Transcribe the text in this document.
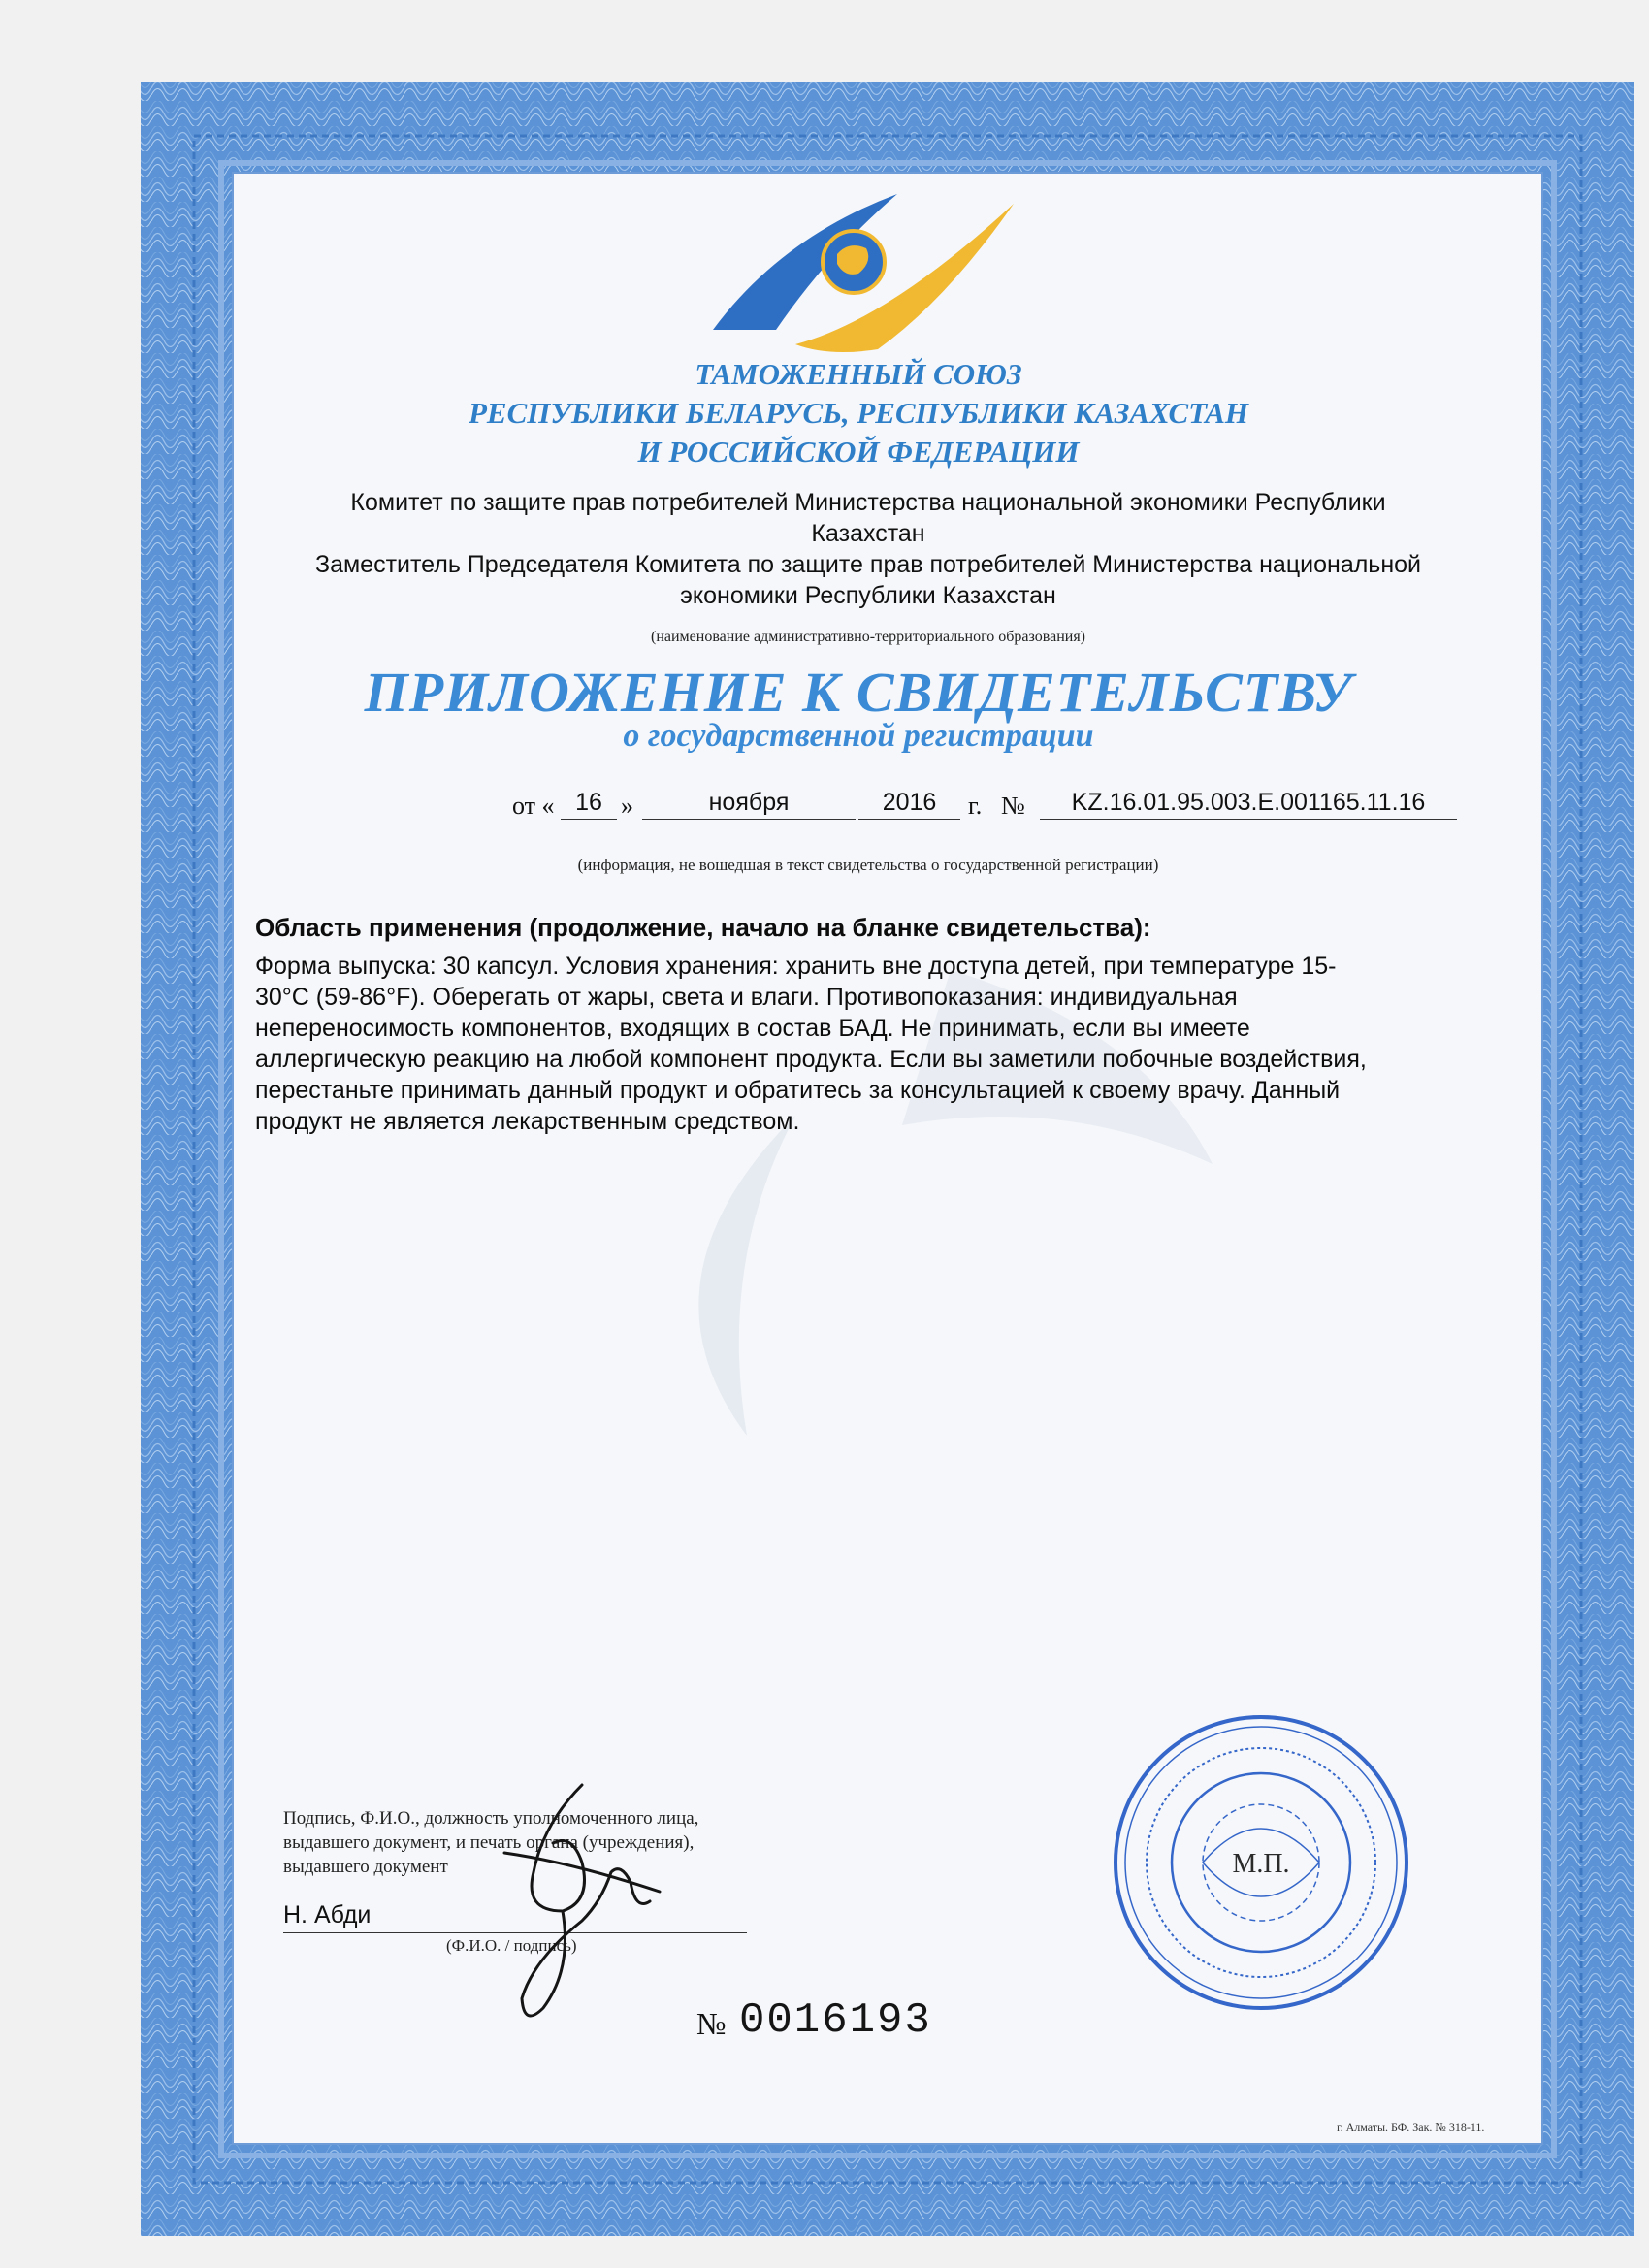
ТАМОЖЕННЫЙ СОЮЗ
РЕСПУБЛИКИ БЕЛАРУСЬ, РЕСПУБЛИКИ КАЗАХСТАН
И РОССИЙСКОЙ ФЕДЕРАЦИИ
Комитет по защите прав потребителей Министерства национальной экономики Республики
Казахстан
Заместитель Председателя Комитета по защите прав потребителей Министерства национальной
экономики Республики Казахстан
(наименование административно-территориального образования)
ПРИЛОЖЕНИЕ К СВИДЕТЕЛЬСТВУ
о государственной регистрации
от « 16 »	ноября	2016	г. №	KZ.16.01.95.003.E.001165.11.16
(информация, не вошедшая в текст свидетельства о государственной регистрации)
Область применения (продолжение, начало на бланке свидетельства):
Форма выпуска: 30 капсул. Условия хранения: хранить вне доступа детей, при температуре 15-
30°С (59-86°F). Оберегать от жары, света и влаги. Противопоказания: индивидуальная
непереносимость компонентов, входящих в состав БАД. Не принимать, если вы имеете
аллергическую реакцию на любой компонент продукта. Если вы заметили побочные воздействия,
перестаньте принимать данный продукт и обратитесь за консультацией к своему врачу. Данный
продукт не является лекарственным средством.
Подпись, Ф.И.О., должность уполномоченного лица,
выдавшего документ, и печать органа (учреждения),
выдавшего документ
Н. Абди
(Ф.И.О. / подпись)
М.П.
№ 0016193
г. Алматы. БФ. Зак. № 318-11.
